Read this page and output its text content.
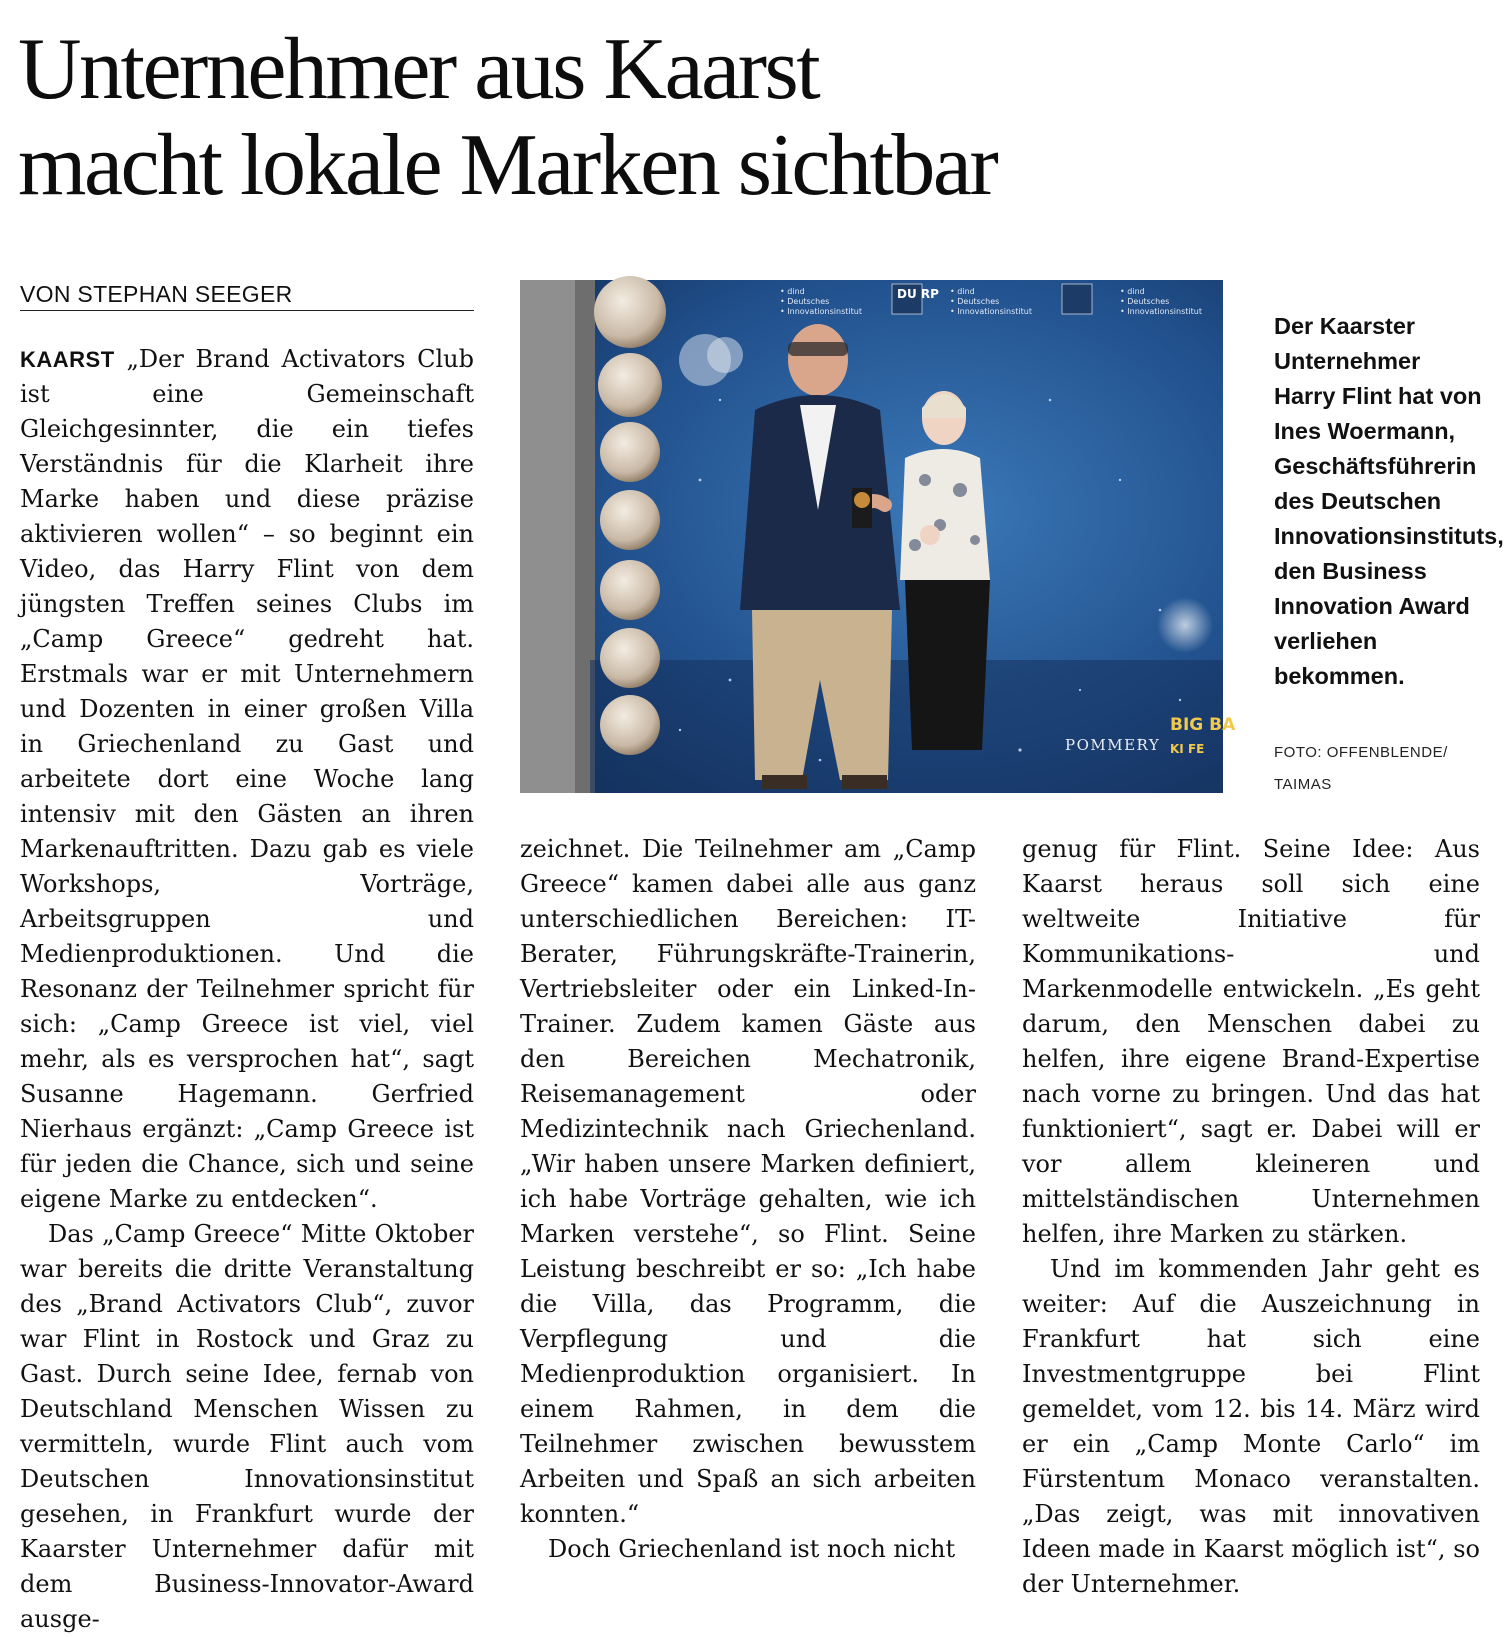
Unternehmer aus Kaarst
macht lokale Marken sichtbar
VON STEPHAN SEEGER

KAARST „Der Brand Activators Club ist eine Gemeinschaft Gleichgesinnter, die ein tiefes Verständnis für die Klarheit ihre Marke haben und diese präzise aktivieren wollen“ – so beginnt ein Video, das Harry Flint von dem jüngsten Treffen seines Clubs im „Camp Greece“ gedreht hat. Erstmals war er mit Unternehmern und Dozenten in einer großen Villa in Griechenland zu Gast und arbeitete dort eine Woche lang intensiv mit den Gästen an ihren Markenauftritten. Dazu gab es viele Workshops, Vorträge, Arbeitsgruppen und Medienproduktionen. Und die Resonanz der Teilnehmer spricht für sich: „Camp Greece ist viel, viel mehr, als es versprochen hat“, sagt Susanne Hagemann. Gerfried Nierhaus ergänzt: „Camp Greece ist für jeden die Chance, sich und seine eigene Marke zu entdecken“.

Das „Camp Greece“ Mitte Oktober war bereits die dritte Veranstaltung des „Brand Activators Club“, zuvor war Flint in Rostock und Graz zu Gast. Durch seine Idee, fernab von Deutschland Menschen Wissen zu vermitteln, wurde Flint auch vom Deutschen Innovationsinstitut gesehen, in Frankfurt wurde der Kaarster Unternehmer dafür mit dem Business-Innovator-Award ausge-

zeichnet. Die Teilnehmer am „Camp Greece“ kamen dabei alle aus ganz unterschiedlichen Bereichen: IT-Berater, Führungskräfte-Trainerin, Vertriebsleiter oder ein Linked-In-Trainer. Zudem kamen Gäste aus den Bereichen Mechatronik, Reisemanagement oder Medizintechnik nach Griechenland. „Wir haben unsere Marken definiert, ich habe Vorträge gehalten, wie ich Marken verstehe“, so Flint. Seine Leistung beschreibt er so: „Ich habe die Villa, das Programm, die Verpflegung und die Medienproduktion organisiert. In einem Rahmen, in dem die Teilnehmer zwischen bewusstem Arbeiten und Spaß an sich arbeiten konnten.“

Doch Griechenland ist noch nicht

genug für Flint. Seine Idee: Aus Kaarst heraus soll sich eine weltweite Initiative für Kommunikations- und Markenmodelle entwickeln. „Es geht darum, den Menschen dabei zu helfen, ihre eigene Brand-Expertise nach vorne zu bringen. Und das hat funktioniert“, sagt er. Dabei will er vor allem kleineren und mittelständischen Unternehmen helfen, ihre Marken zu stärken.

Und im kommenden Jahr geht es weiter: Auf die Auszeichnung in Frankfurt hat sich eine Investmentgruppe bei Flint gemeldet, vom 12. bis 14. März wird er ein „Camp Monte Carlo“ im Fürstentum Monaco veranstalten. „Das zeigt, was mit innovativen Ideen made in Kaarst möglich ist“, so der Unternehmer.

• dind
• Deutsches
• Innovationsinstitut
• dind
• Deutsches
• Innovationsinstitut
• dind
• Deutsches
• Innovationsinstitut
DU RP
POMMERY
BIG BA
KI FE
Der Kaarster Unternehmer Harry Flint hat von Ines Woermann, Geschäftsführerin des Deutschen Innovationsinstituts, den Business Innovation Award verliehen bekommen.
FOTO: OFFENBLENDE/ TAIMAS
